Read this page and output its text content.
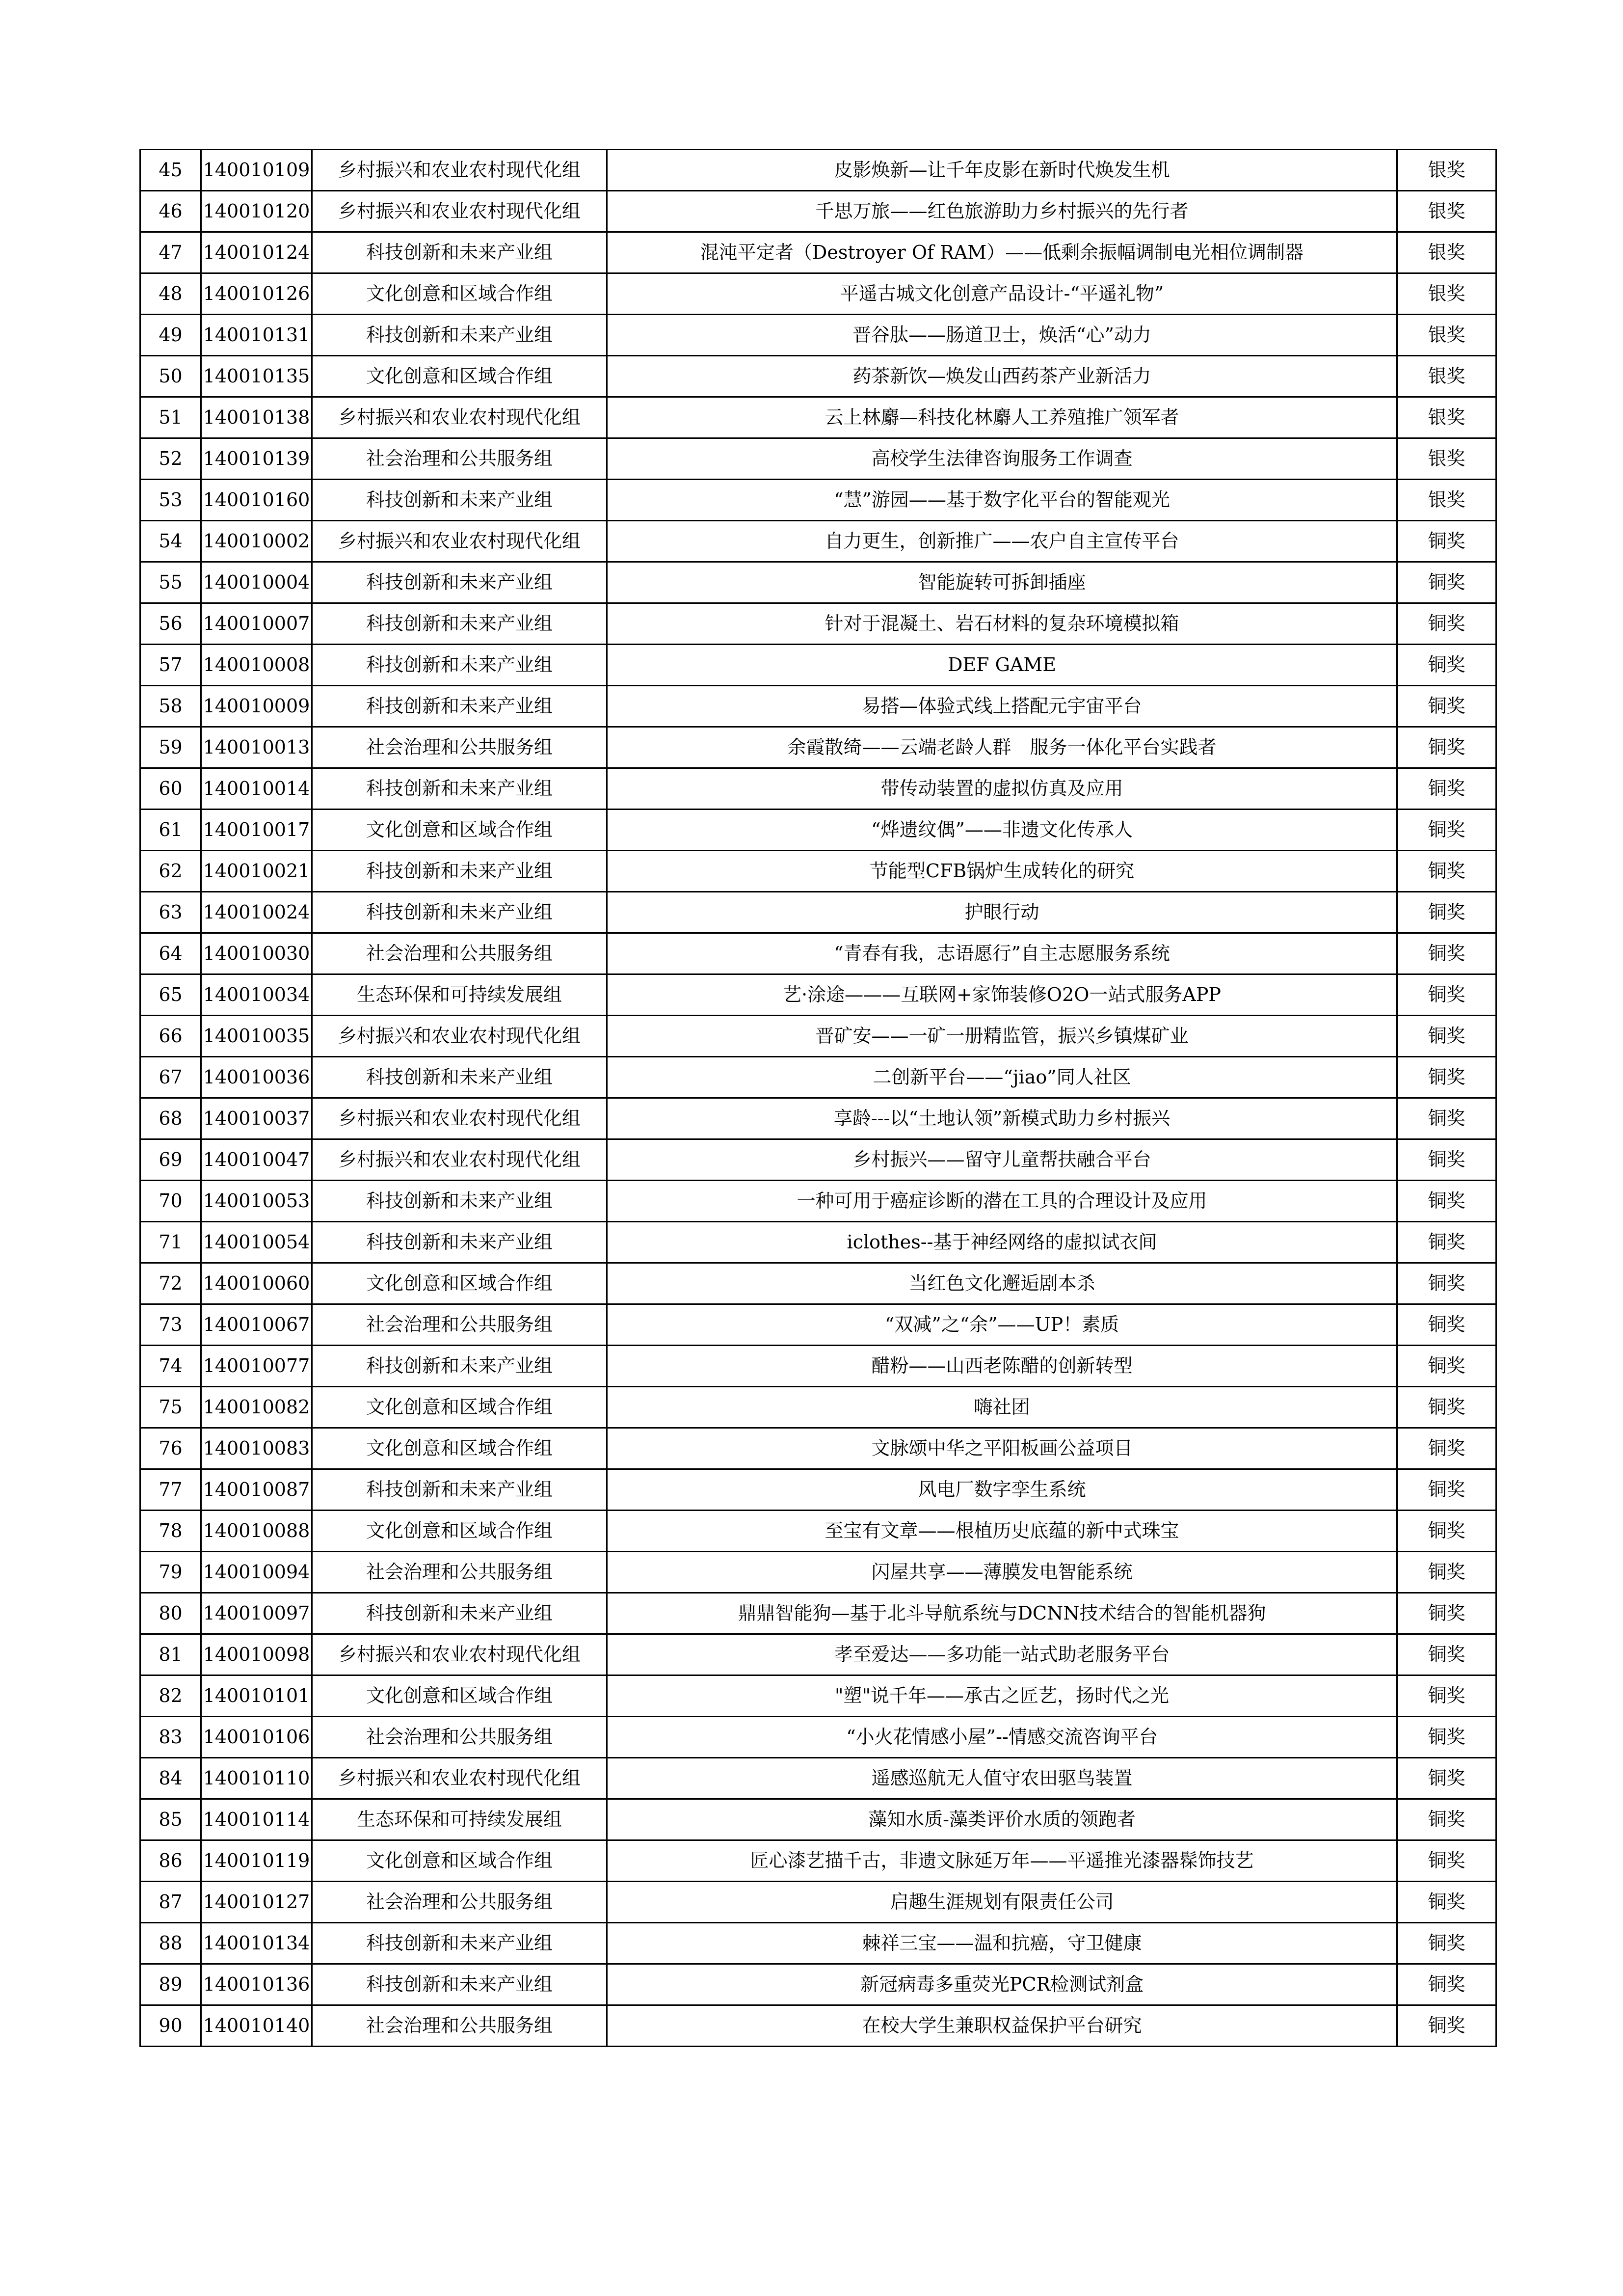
45	140010109	乡村振兴和农业农村现代化组	皮影焕新—让千年皮影在新时代焕发生机	银奖
46	140010120	乡村振兴和农业农村现代化组	千思万旅——红色旅游助力乡村振兴的先行者	银奖
47	140010124	科技创新和未来产业组	混沌平定者（Destroyer Of RAM）——低剩余振幅调制电光相位调制器	银奖
48	140010126	文化创意和区域合作组	平遥古城文化创意产品设计-“平遥礼物”	银奖
49	140010131	科技创新和未来产业组	晋谷肽——肠道卫士，焕活“心”动力	银奖
50	140010135	文化创意和区域合作组	药茶新饮—焕发山西药茶产业新活力	银奖
51	140010138	乡村振兴和农业农村现代化组	云上林麝—科技化林麝人工养殖推广领军者	银奖
52	140010139	社会治理和公共服务组	高校学生法律咨询服务工作调查	银奖
53	140010160	科技创新和未来产业组	“慧”游园——基于数字化平台的智能观光	银奖
54	140010002	乡村振兴和农业农村现代化组	自力更生，创新推广——农户自主宣传平台	铜奖
55	140010004	科技创新和未来产业组	智能旋转可拆卸插座	铜奖
56	140010007	科技创新和未来产业组	针对于混凝土、岩石材料的复杂环境模拟箱	铜奖
57	140010008	科技创新和未来产业组	DEF GAME	铜奖
58	140010009	科技创新和未来产业组	易搭—体验式线上搭配元宇宙平台	铜奖
59	140010013	社会治理和公共服务组	余霞散绮——云端老龄人群　服务一体化平台实践者	铜奖
60	140010014	科技创新和未来产业组	带传动装置的虚拟仿真及应用	铜奖
61	140010017	文化创意和区域合作组	“烨遗纹偶”——非遗文化传承人	铜奖
62	140010021	科技创新和未来产业组	节能型CFB锅炉生成转化的研究	铜奖
63	140010024	科技创新和未来产业组	护眼行动	铜奖
64	140010030	社会治理和公共服务组	“青春有我，志语愿行”自主志愿服务系统	铜奖
65	140010034	生态环保和可持续发展组	艺·涂途———互联网+家饰装修O2O一站式服务APP	铜奖
66	140010035	乡村振兴和农业农村现代化组	晋矿安——一矿一册精监管，振兴乡镇煤矿业	铜奖
67	140010036	科技创新和未来产业组	二创新平台——“jiao”同人社区	铜奖
68	140010037	乡村振兴和农业农村现代化组	享龄---以“土地认领”新模式助力乡村振兴	铜奖
69	140010047	乡村振兴和农业农村现代化组	乡村振兴——留守儿童帮扶融合平台	铜奖
70	140010053	科技创新和未来产业组	一种可用于癌症诊断的潜在工具的合理设计及应用	铜奖
71	140010054	科技创新和未来产业组	iclothes--基于神经网络的虚拟试衣间	铜奖
72	140010060	文化创意和区域合作组	当红色文化邂逅剧本杀	铜奖
73	140010067	社会治理和公共服务组	“双减”之“余”——UP！素质	铜奖
74	140010077	科技创新和未来产业组	醋粉——山西老陈醋的创新转型	铜奖
75	140010082	文化创意和区域合作组	嗨社团	铜奖
76	140010083	文化创意和区域合作组	文脉颂中华之平阳板画公益项目	铜奖
77	140010087	科技创新和未来产业组	风电厂数字孪生系统	铜奖
78	140010088	文化创意和区域合作组	至宝有文章——根植历史底蕴的新中式珠宝	铜奖
79	140010094	社会治理和公共服务组	闪屋共享——薄膜发电智能系统	铜奖
80	140010097	科技创新和未来产业组	鼎鼎智能狗—基于北斗导航系统与DCNN技术结合的智能机器狗	铜奖
81	140010098	乡村振兴和农业农村现代化组	孝至爱达——多功能一站式助老服务平台	铜奖
82	140010101	文化创意和区域合作组	"塑"说千年——承古之匠艺，扬时代之光	铜奖
83	140010106	社会治理和公共服务组	“小火花情感小屋”--情感交流咨询平台	铜奖
84	140010110	乡村振兴和农业农村现代化组	遥感巡航无人值守农田驱鸟装置	铜奖
85	140010114	生态环保和可持续发展组	藻知水质-藻类评价水质的领跑者	铜奖
86	140010119	文化创意和区域合作组	匠心漆艺描千古，非遗文脉延万年——平遥推光漆器髹饰技艺	铜奖
87	140010127	社会治理和公共服务组	启趣生涯规划有限责任公司	铜奖
88	140010134	科技创新和未来产业组	棘祥三宝——温和抗癌，守卫健康	铜奖
89	140010136	科技创新和未来产业组	新冠病毒多重荧光PCR检测试剂盒	铜奖
90	140010140	社会治理和公共服务组	在校大学生兼职权益保护平台研究	铜奖
